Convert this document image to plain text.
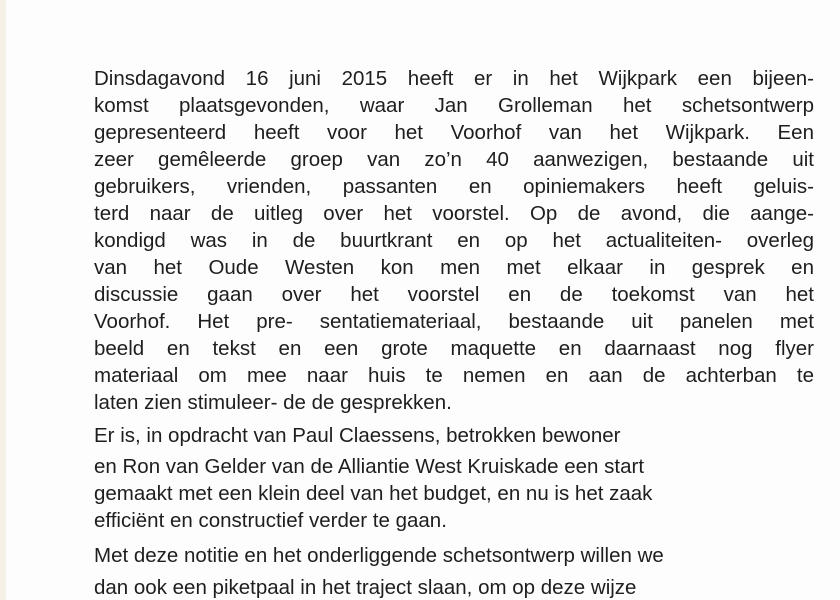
Dinsdagavond 16 juni 2015 heeft er in het Wijkpark een bijeen-

komst plaatsgevonden, waar Jan Grolleman het schetsontwerp

gepresenteerd heeft voor het Voorhof van het Wijkpark. Een

zeer gemêleerde groep van zo’n 40 aanwezigen, bestaande uit

gebruikers, vrienden, passanten en opiniemakers heeft geluis-

terd naar de uitleg over het voorstel. Op de avond, die aange-

kondigd was in de buurtkrant en op het actualiteiten- overleg

van het Oude Westen kon men met elkaar in gesprek en

discussie gaan over het voorstel en de toekomst van het

Voorhof. Het pre- sentatiemateriaal, bestaande uit panelen met

beeld en tekst en een grote maquette en daarnaast nog flyer

materiaal om mee naar huis te nemen en aan de achterban te

laten zien stimuleer- de de gesprekken.

Er is, in opdracht van Paul Claessens, betrokken bewoner

en Ron van Gelder van de Alliantie West Kruiskade een start

gemaakt met een klein deel van het budget, en nu is het zaak

efficiënt en constructief verder te gaan.

Met deze notitie en het onderliggende schetsontwerp willen we

dan ook een piketpaal in het traject slaan, om op deze wijze
